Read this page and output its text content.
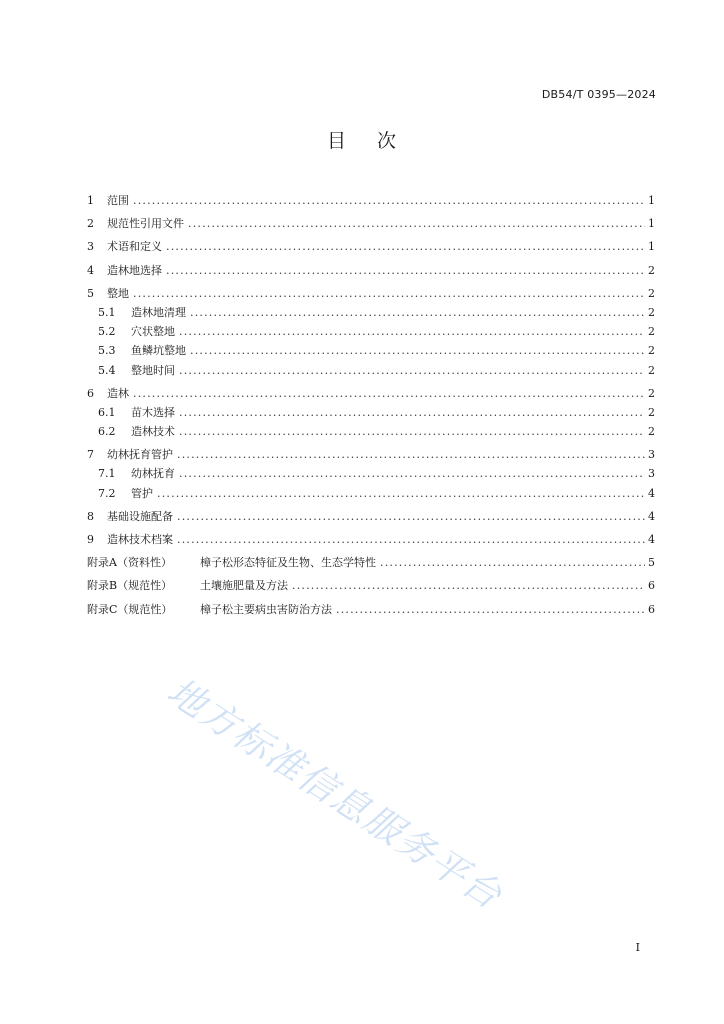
DB54/T 0395—2024
目 次
1	范围 .....	1
2	规范性引用文件 .....	1
3	术语和定义 .....	1
4	造林地选择 .....	2
5	整地 .....	2
5.1	造林地清理 .....	2
5.2	穴状整地 .....	2
5.3	鱼鳞坑整地 .....	2
5.4	整地时间 .....	2
6	造林 .....	2
6.1	苗木选择 .....	2
6.2	造林技术 .....	2
7	幼林抚育管护 .....	3
7.1	幼林抚育 .....	3
7.2	管护 .....	4
8	基础设施配备 .....	4
9	造林技术档案 .....	4
附录A（资料性）	樟子松形态特征及生物、生态学特性 .....	5
附录B（规范性）	土壤施肥量及方法 .....	6
附录C（规范性）	樟子松主要病虫害防治方法 .....	6
地方标准信息服务平台
I
